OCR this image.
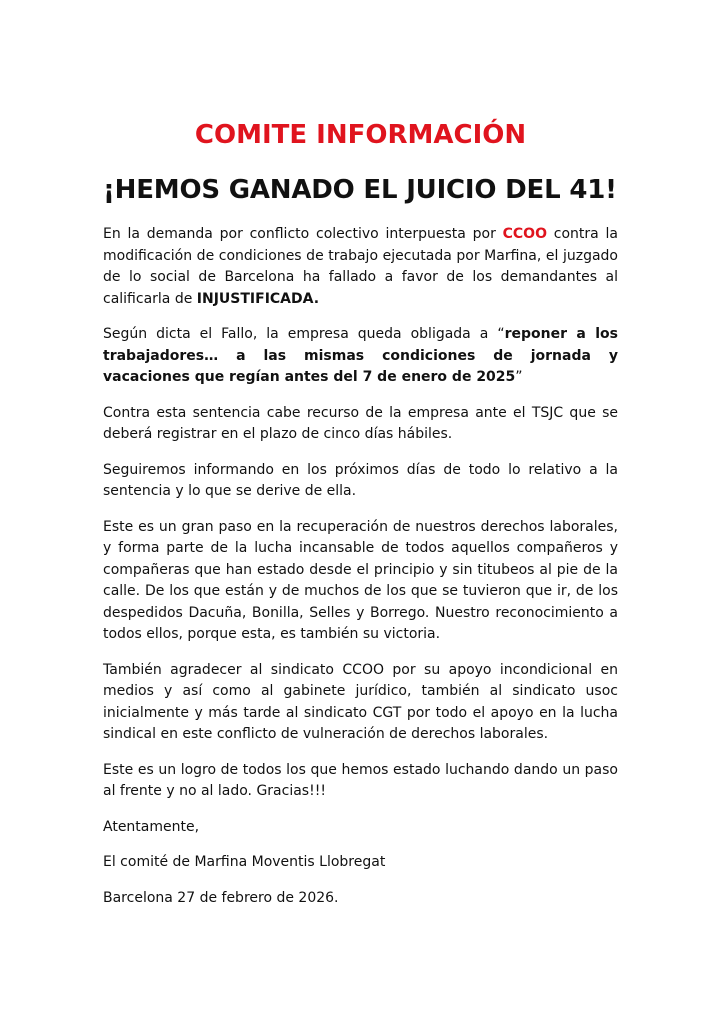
COMITE INFORMACIÓN
¡HEMOS GANADO EL JUICIO DEL 41!

En la demanda por conflicto colectivo interpuesta por CCOO contra la modificación de condiciones de trabajo ejecutada por Marfina, el juzgado de lo social de Barcelona ha fallado a favor de los demandantes al calificarla de INJUSTIFICADA.

Según dicta el Fallo, la empresa queda obligada a “reponer a los trabajadores… a las mismas condiciones de jornada y vacaciones que regían antes del 7 de enero de 2025”

Contra esta sentencia cabe recurso de la empresa ante el TSJC que se deberá registrar en el plazo de cinco días hábiles.

Seguiremos informando en los próximos días de todo lo relativo a la sentencia y lo que se derive de ella.

Este es un gran paso en la recuperación de nuestros derechos laborales, y forma parte de la lucha incansable de todos aquellos compañeros y compañeras que han estado desde el principio y sin titubeos al pie de la calle. De los que están y de muchos de los que se tuvieron que ir, de los despedidos Dacuña, Bonilla, Selles y Borrego. Nuestro reconocimiento a todos ellos, porque esta, es también su victoria.

También agradecer al sindicato CCOO por su apoyo incondicional en medios y así como al gabinete jurídico, también al sindicato usoc inicialmente y más tarde al sindicato CGT por todo el apoyo en la lucha sindical en este conflicto de vulneración de derechos laborales.

Este es un logro de todos los que hemos estado luchando dando un paso al frente y no al lado. Gracias!!!

Atentamente,

El comité de Marfina Moventis Llobregat

Barcelona 27 de febrero de 2026.
